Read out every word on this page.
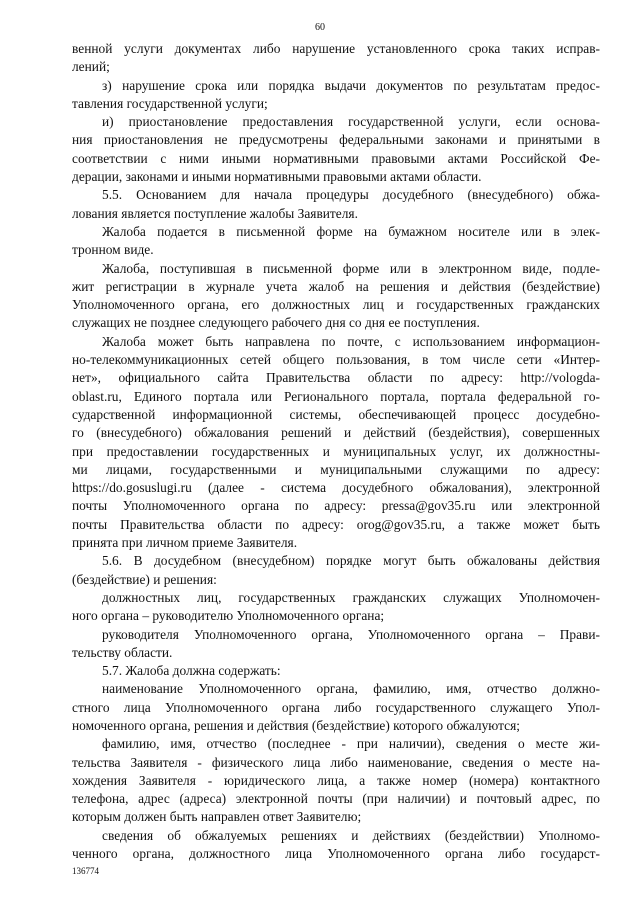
60
венной услуги документах либо нарушение установленного срока таких исправ-
лений;
з) нарушение срока или порядка выдачи документов по результатам предос-
тавления государственной услуги;
и) приостановление предоставления государственной услуги, если основа-
ния приостановления не предусмотрены федеральными законами и принятыми в
соответствии с ними иными нормативными правовыми актами Российской Фе-
дерации, законами и иными нормативными правовыми актами области.
5.5. Основанием для начала процедуры досудебного (внесудебного) обжа-
лования является поступление жалобы Заявителя.
Жалоба подается в письменной форме на бумажном носителе или в элек-
тронном виде.
Жалоба, поступившая в письменной форме или в электронном виде, подле-
жит регистрации в журнале учета жалоб на решения и действия (бездействие)
Уполномоченного органа, его должностных лиц и государственных гражданских
служащих не позднее следующего рабочего дня со дня ее поступления.
Жалоба может быть направлена по почте, с использованием информацион-
но-телекоммуникационных сетей общего пользования, в том числе сети «Интер-
нет», официального сайта Правительства области по адресу: http://vologda-
oblast.ru, Единого портала или Регионального портала, портала федеральной го-
сударственной информационной системы, обеспечивающей процесс досудебно-
го (внесудебного) обжалования решений и действий (бездействия), совершенных
при предоставлении государственных и муниципальных услуг, их должностны-
ми лицами, государственными и муниципальными служащими по адресу:
https://do.gosuslugi.ru (далее - система досудебного обжалования), электронной
почты Уполномоченного органа по адресу: pressa@gov35.ru или электронной
почты Правительства области по адресу: orog@gov35.ru, а также может быть
принята при личном приеме Заявителя.
5.6. В досудебном (внесудебном) порядке могут быть обжалованы действия
(бездействие) и решения:
должностных лиц, государственных гражданских служащих Уполномочен-
ного органа – руководителю Уполномоченного органа;
руководителя Уполномоченного органа, Уполномоченного органа – Прави-
тельству области.
5.7. Жалоба должна содержать:
наименование Уполномоченного органа, фамилию, имя, отчество должно-
стного лица Уполномоченного органа либо государственного служащего Упол-
номоченного органа, решения и действия (бездействие) которого обжалуются;
фамилию, имя, отчество (последнее - при наличии), сведения о месте жи-
тельства Заявителя - физического лица либо наименование, сведения о месте на-
хождения Заявителя - юридического лица, а также номер (номера) контактного
телефона, адрес (адреса) электронной почты (при наличии) и почтовый адрес, по
которым должен быть направлен ответ Заявителю;
сведения об обжалуемых решениях и действиях (бездействии) Уполномо-
ченного органа, должностного лица Уполномоченного органа либо государст-
136774
